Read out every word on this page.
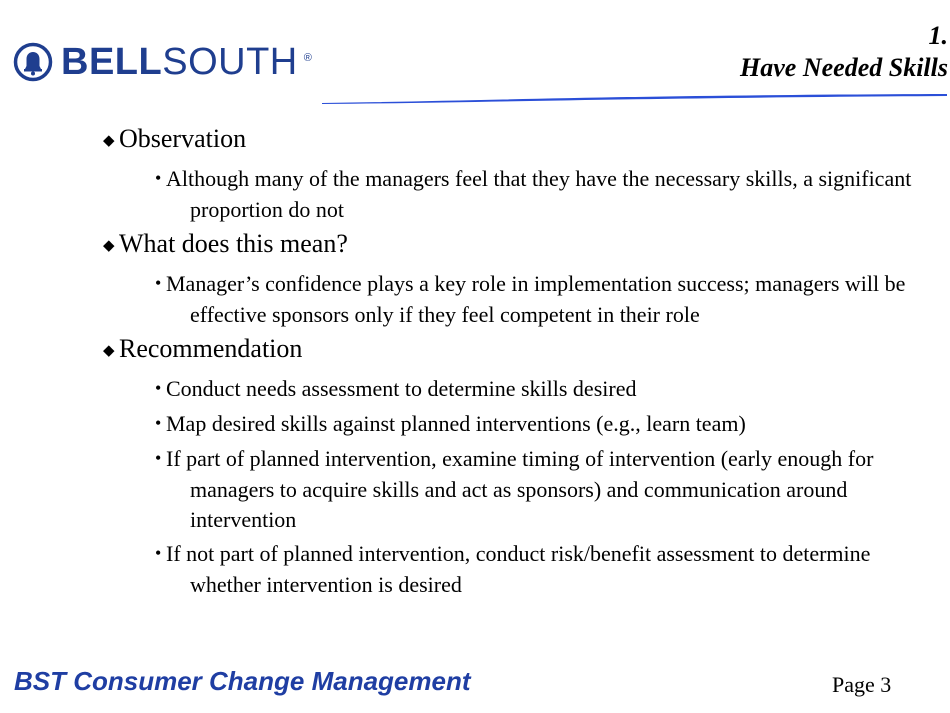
BELLSOUTH ®
1.
Have Needed Skills
◆ Observation
• Although many of the managers feel that they have the necessary skills, a significant proportion do not
◆ What does this mean?
• Manager’s confidence plays a key role in implementation success; managers will be effective sponsors only if they feel competent in their role
◆ Recommendation
• Conduct needs assessment to determine skills desired
• Map desired skills against planned interventions (e.g., learn team)
• If part of planned intervention, examine timing of intervention (early enough for managers to acquire skills and act as sponsors) and communication around intervention
• If not part of planned intervention, conduct risk/benefit assessment to determine whether intervention is desired
BST Consumer Change Management	Page 3
